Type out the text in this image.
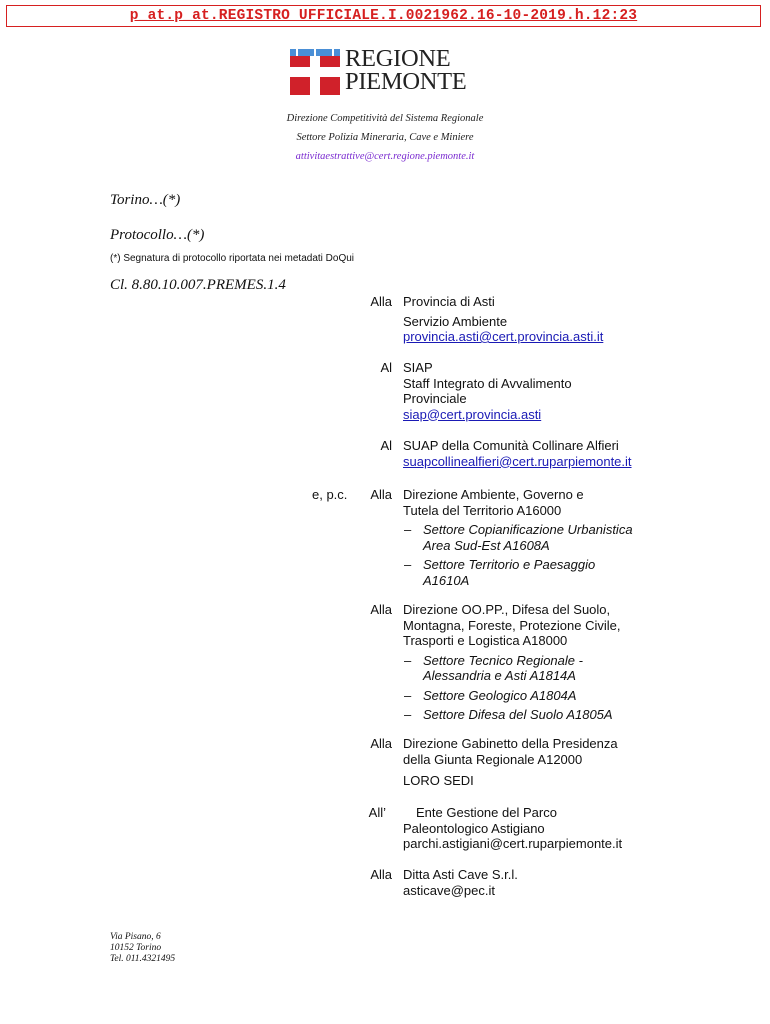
p_at.p_at.REGISTRO UFFICIALE.I.0021962.16-10-2019.h.12:23
REGIONE
PIEMONTE
Direzione Competitività del Sistema Regionale
Settore Polizia Mineraria, Cave e Miniere
attivitaestrattive@cert.regione.piemonte.it
Torino…(*)
Protocollo…(*)
(*) Segnatura di protocollo riportata nei metadati DoQui
Cl. 8.80.10.007.PREMES.1.4
Alla Provincia di Asti
Servizio Ambiente
provincia.asti@cert.provincia.asti.it
Al SIAP
Staff Integrato di Avvalimento
Provinciale
siap@cert.provincia.asti
Al SUAP della Comunità Collinare Alfieri
suapcollinealfieri@cert.ruparpiemonte.it
e, p.c.	Alla Direzione Ambiente, Governo e
Tutela del Territorio A16000
– Settore Copianificazione Urbanistica
Area Sud-Est A1608A
– Settore Territorio e Paesaggio
A1610A
Alla Direzione OO.PP., Difesa del Suolo,
Montagna, Foreste, Protezione Civile,
Trasporti e Logistica A18000
– Settore Tecnico Regionale -
Alessandria e Asti A1814A
– Settore Geologico A1804A
– Settore Difesa del Suolo A1805A
Alla Direzione Gabinetto della Presidenza
della Giunta Regionale A12000
LORO SEDI
All’ Ente Gestione del Parco
Paleontologico Astigiano
parchi.astigiani@cert.ruparpiemonte.it
Alla Ditta Asti Cave S.r.l.
asticave@pec.it
Via Pisano, 6
10152 Torino
Tel. 011.4321495
